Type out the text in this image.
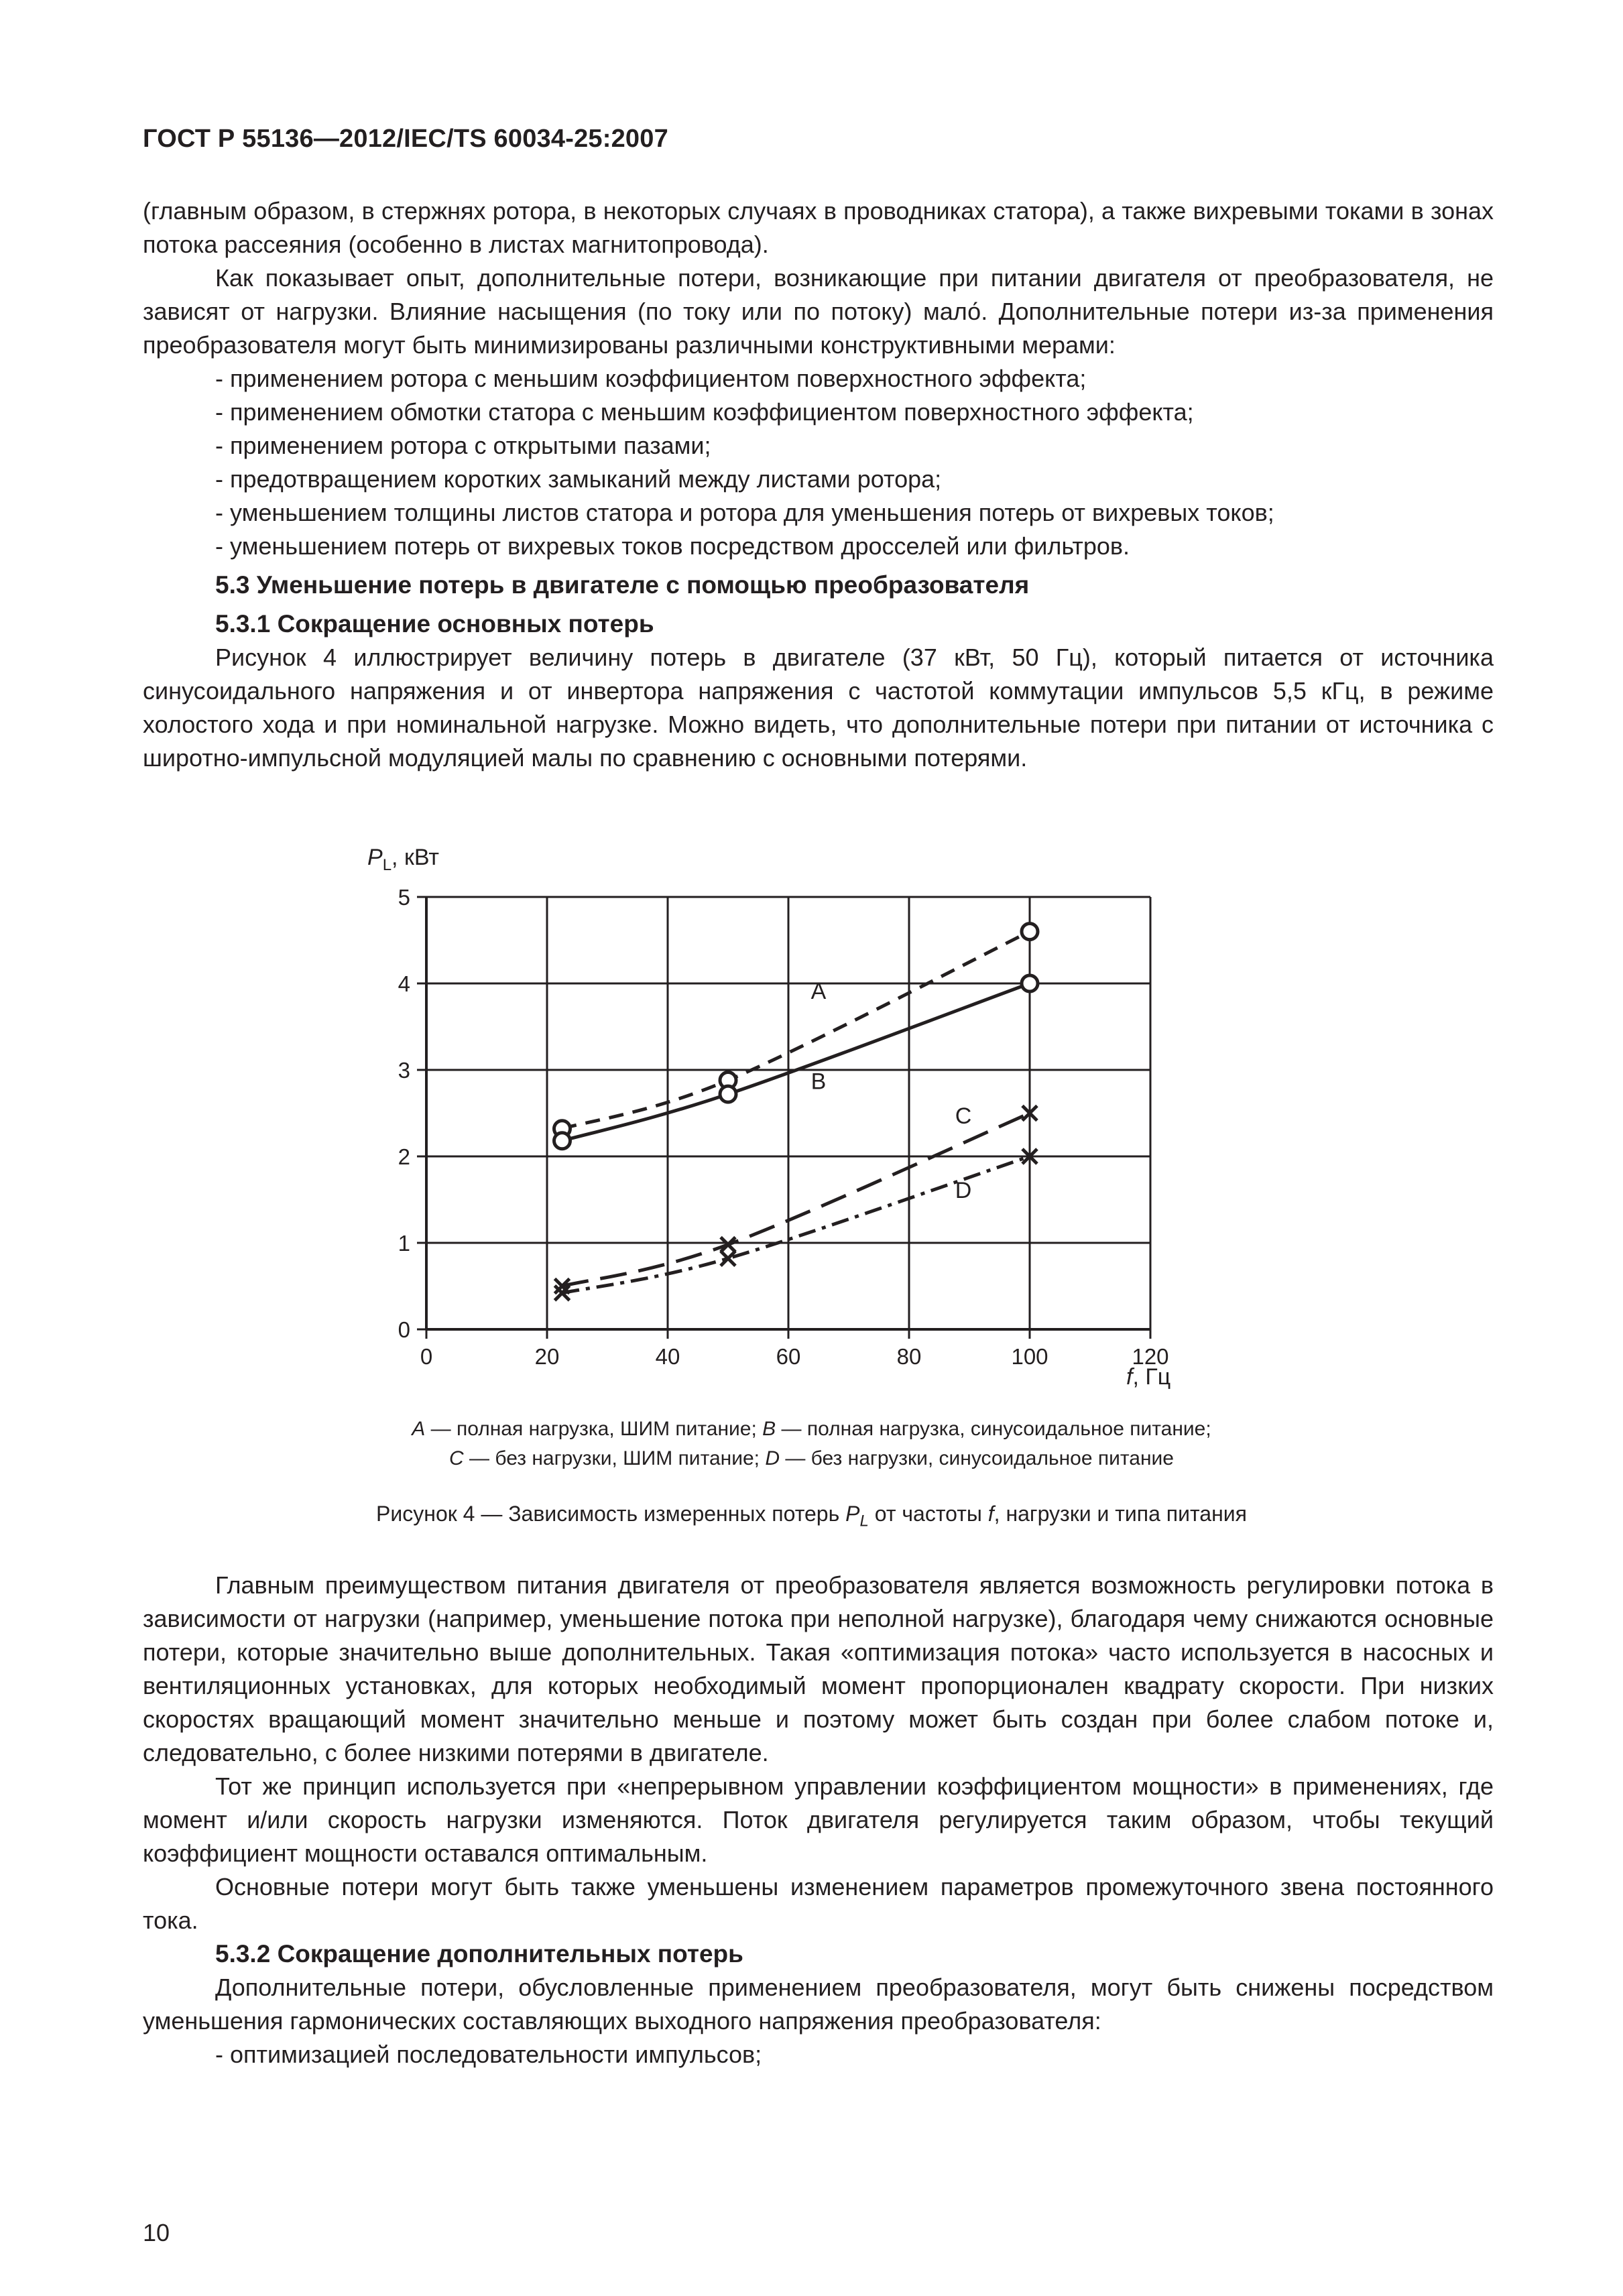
ГОСТ Р 55136—2012/IEC/TS 60034-25:2007

(главным образом, в стержнях ротора, в некоторых случаях в проводниках статора), а также вихревыми токами в зонах потока рассеяния (особенно в листах магнитопровода).

Как показывает опыт, дополнительные потери, возникающие при питании двигателя от преобразователя, не зависят от нагрузки. Влияние насыщения (по току или по потоку) мало́. Дополнительные потери из-за применения преобразователя могут быть минимизированы различными конструктивными мерами:

- применением ротора с меньшим коэффициентом поверхностного эффекта;

- применением обмотки статора с меньшим коэффициентом поверхностного эффекта;

- применением ротора с открытыми пазами;

- предотвращением коротких замыканий между листами ротора;

- уменьшением толщины листов статора и ротора для уменьшения потерь от вихревых токов;

- уменьшением потерь от вихревых токов посредством дросселей или фильтров.

5.3 Уменьшение потерь в двигателе с помощью преобразователя

5.3.1 Сокращение основных потерь

Рисунок 4 иллюстрирует величину потерь в двигателе (37 кВт, 50 Гц), который питается от источника синусоидального напряжения и от инвертора напряжения с частотой коммутации импульсов 5,5 кГц, в режиме холостого хода и при номинальной нагрузке. Можно видеть, что дополнительные потери при питании от источника с широтно-импульсной модуляцией малы по сравнению с основными потерями.

0
1
2
3
4
5
0	20	40	60	80	100	120
A
B
C
D
$P_L$, кВт
f, Гц
A — полная нагрузка, ШИМ питание; B — полная нагрузка, синусоидальное питание;
C — без нагрузки, ШИМ питание; D — без нагрузки, синусоидальное питание
Рисунок 4 — Зависимость измеренных потерь $P_L$ от частоты f, нагрузки и типа питания

Главным преимуществом питания двигателя от преобразователя является возможность регулировки потока в зависимости от нагрузки (например, уменьшение потока при неполной нагрузке), благодаря чему снижаются основные потери, которые значительно выше дополнительных. Такая «оптимизация потока» часто используется в насосных и вентиляционных установках, для которых необходимый момент пропорционален квадрату скорости. При низких скоростях вращающий момент значительно меньше и поэтому может быть создан при более слабом потоке и, следовательно, с более низкими потерями в двигателе.

Тот же принцип используется при «непрерывном управлении коэффициентом мощности» в применениях, где момент и/или скорость нагрузки изменяются. Поток двигателя регулируется таким образом, чтобы текущий коэффициент мощности оставался оптимальным.

Основные потери могут быть также уменьшены изменением параметров промежуточного звена постоянного тока.

5.3.2 Сокращение дополнительных потерь

Дополнительные потери, обусловленные применением преобразователя, могут быть снижены посредством уменьшения гармонических составляющих выходного напряжения преобразователя:

- оптимизацией последовательности импульсов;

10
